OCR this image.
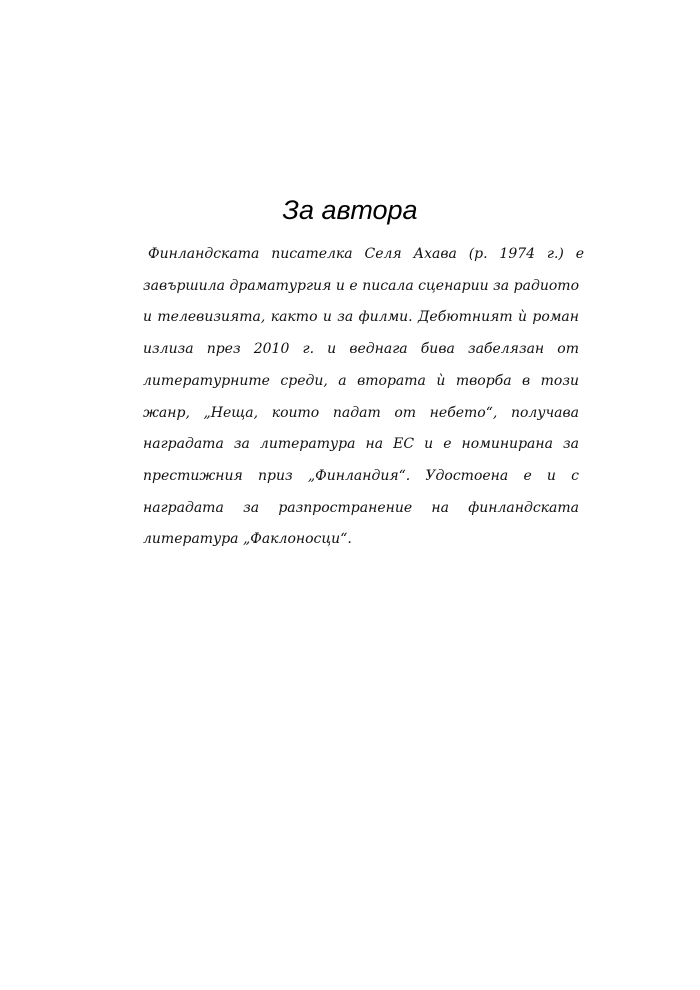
За автора
Финландската писателка Селя Ахава (р. 1974 г.) е
завършила драматургия и е писала сценарии за радиото
и телевизията, както и за филми. Дебютният ѝ роман
излиза през 2010 г. и веднага бива забелязан от
литературните среди, а втората ѝ творба в този
жанр, „Неща, които падат от небето“, получава
наградата за литература на ЕС и е номинирана за
престижния приз „Финландия“. Удостоена е и с
наградата за разпространение на финландската
литература „Факлоносци“.
